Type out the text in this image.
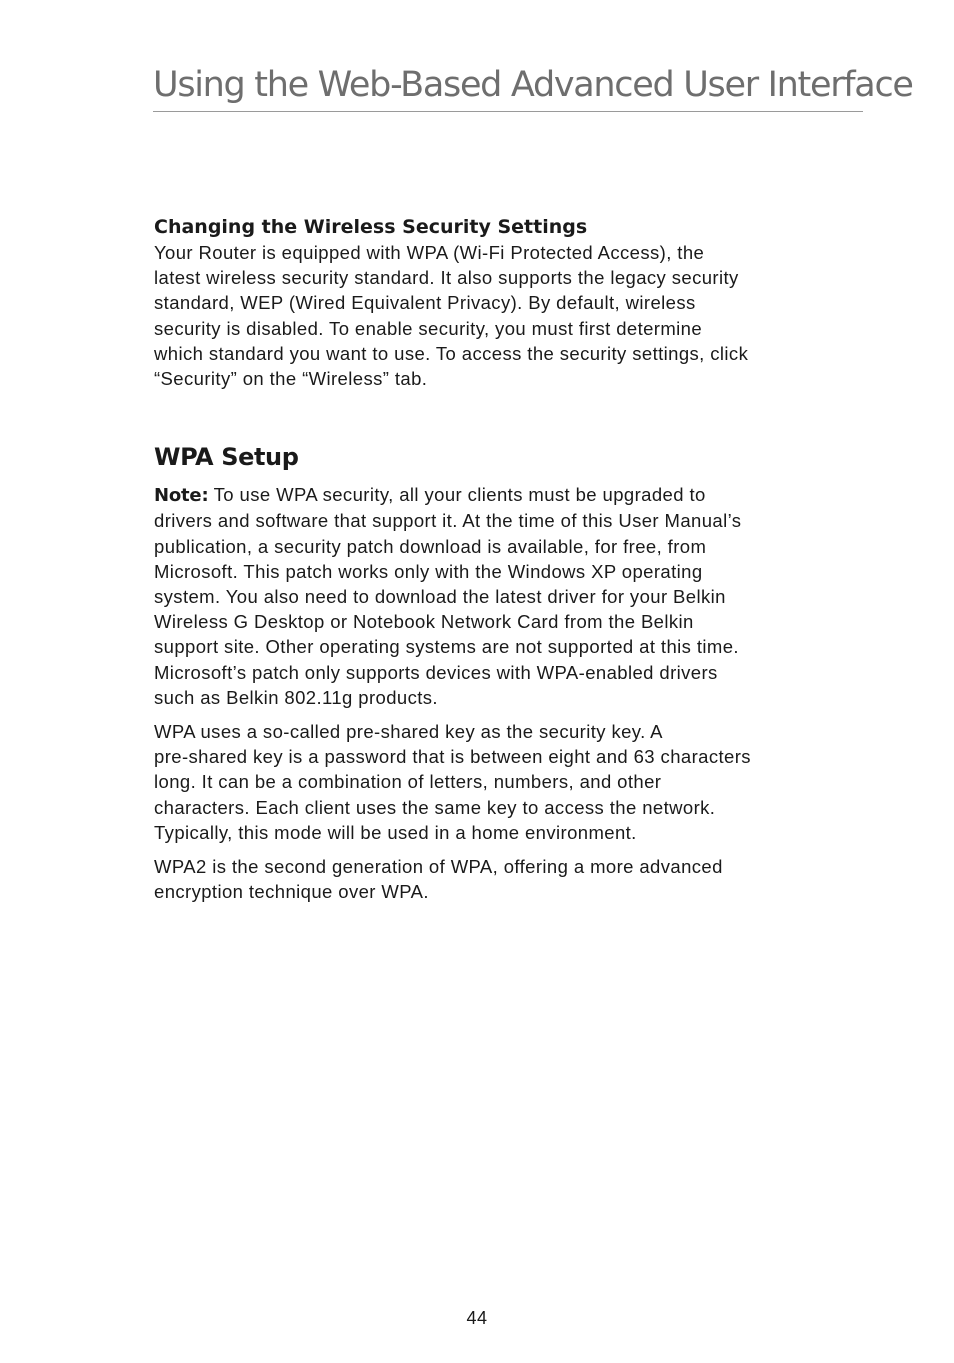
Using the Web-Based Advanced User Interface
Changing the Wireless Security Settings

Your Router is equipped with WPA (Wi-Fi Protected Access), the
latest wireless security standard. It also supports the legacy security
standard, WEP (Wired Equivalent Privacy). By default, wireless
security is disabled. To enable security, you must first determine
which standard you want to use. To access the security settings, click
“Security” on the “Wireless” tab.

WPA Setup

Note: To use WPA security, all your clients must be upgraded to
drivers and software that support it. At the time of this User Manual’s
publication, a security patch download is available, for free, from
Microsoft. This patch works only with the Windows XP operating
system. You also need to download the latest driver for your Belkin
Wireless G Desktop or Notebook Network Card from the Belkin
support site. Other operating systems are not supported at this time.
Microsoft’s patch only supports devices with WPA-enabled drivers
such as Belkin 802.11g products.

WPA uses a so-called pre-shared key as the security key. A
pre-shared key is a password that is between eight and 63 characters
long. It can be a combination of letters, numbers, and other
characters. Each client uses the same key to access the network.
Typically, this mode will be used in a home environment.

WPA2 is the second generation of WPA, offering a more advanced
encryption technique over WPA.

44
